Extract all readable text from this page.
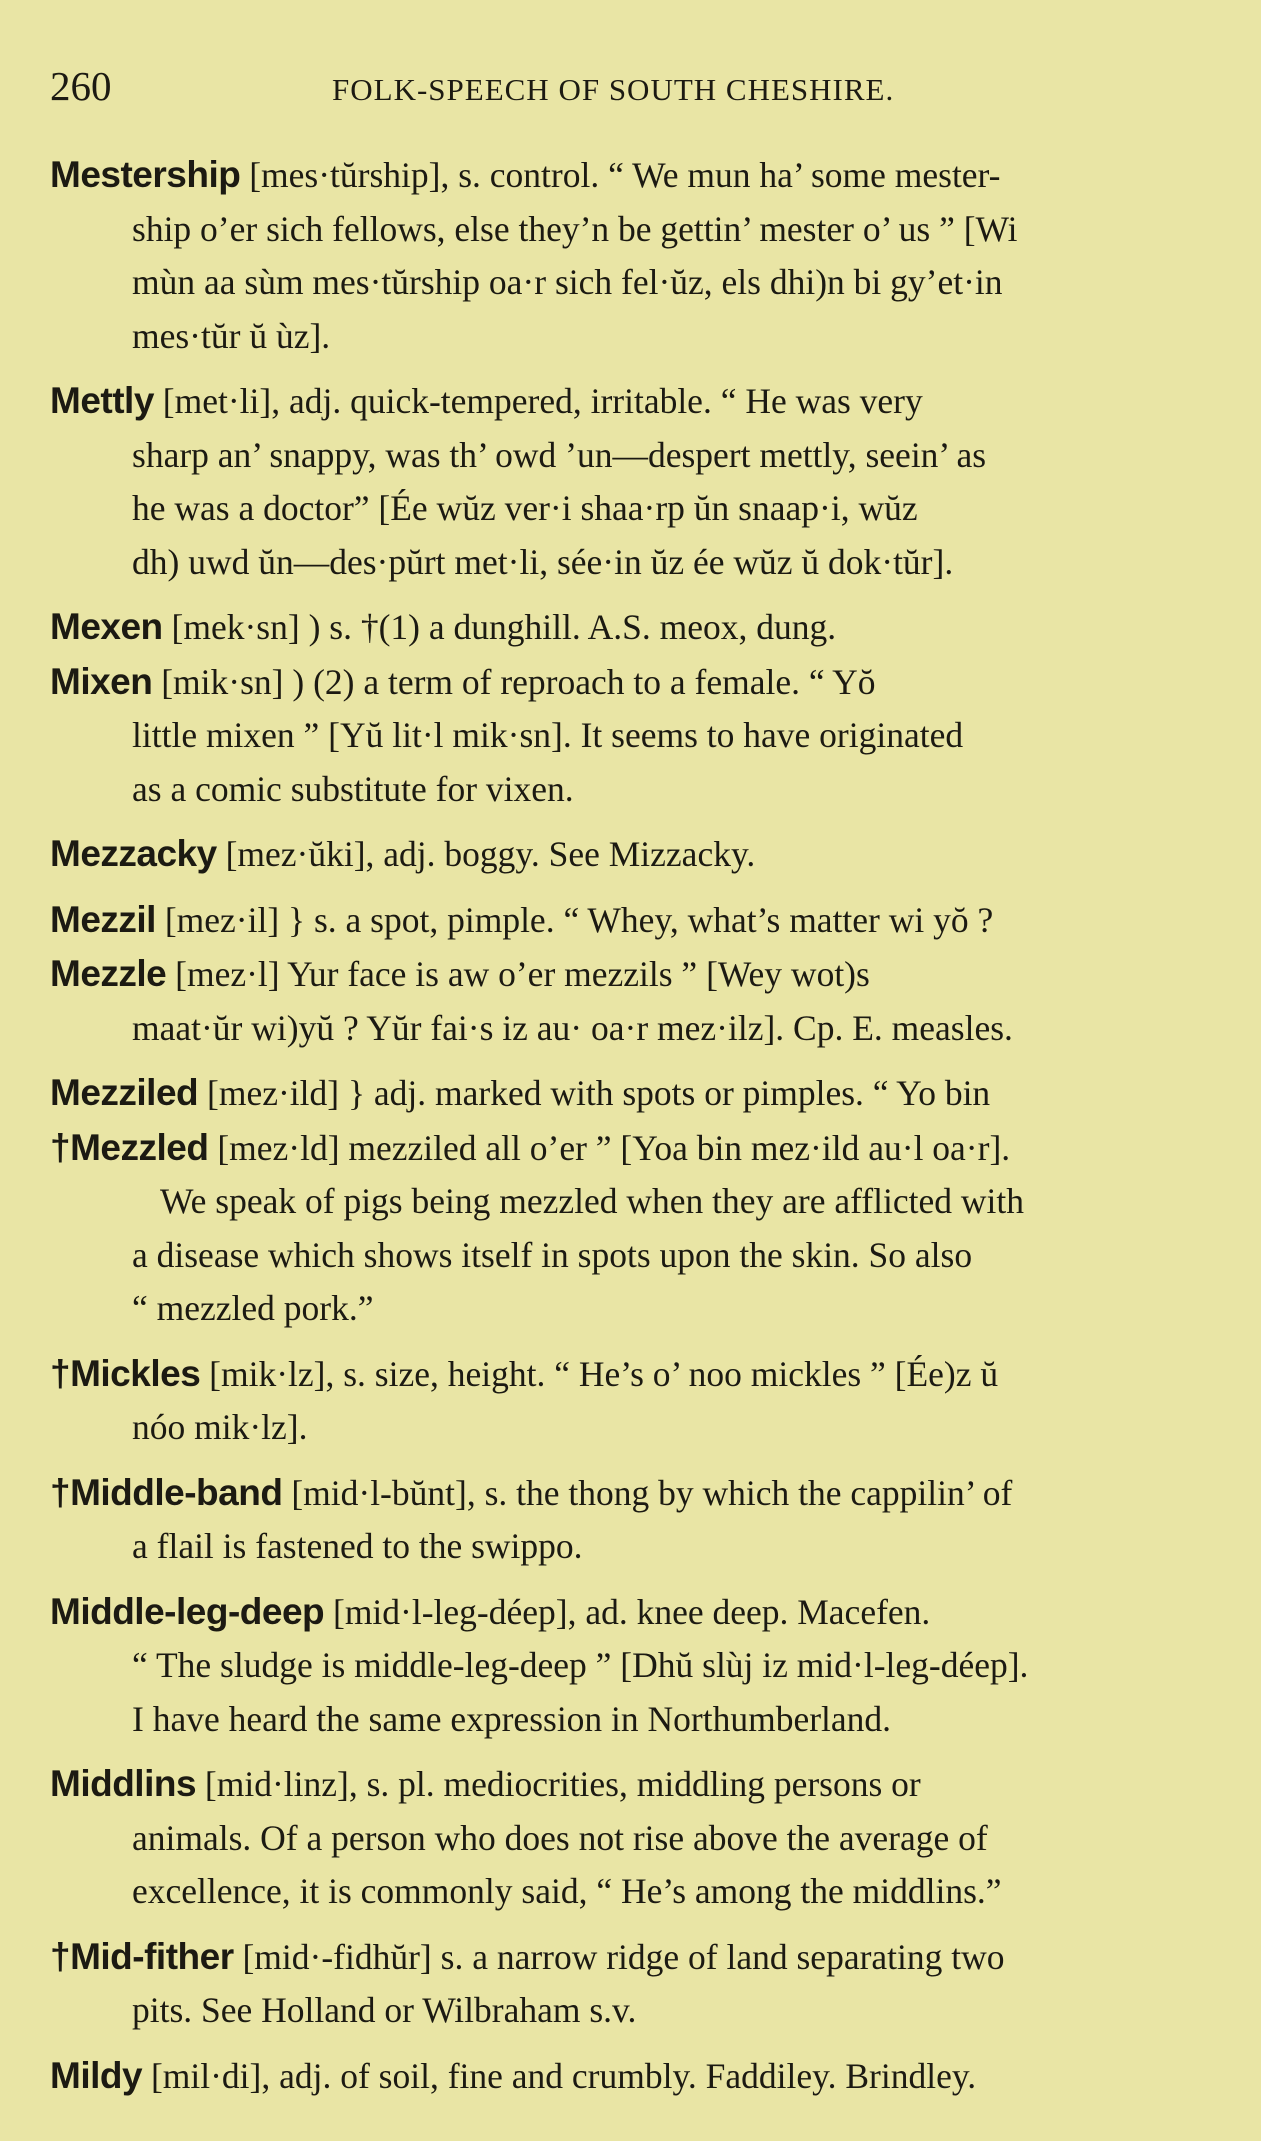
260	FOLK-SPEECH OF SOUTH CHESHIRE.
Mestership [mes·tŭrship], s. control. “ We mun ha’ some mester-
ship o’er sich fellows, else they’n be gettin’ mester o’ us ” [Wi
mùn aa sùm mes·tŭrship oa·r sich fel·ŭz, els dhi)n bi gy’et·in
mes·tŭr ŭ ùz].
Mettly [met·li], adj. quick-tempered, irritable. “ He was very
sharp an’ snappy, was th’ owd ’un—despert mettly, seein’ as
he was a doctor” [Ée wŭz ver·i shaa·rp ŭn snaap·i, wŭz
dh) uwd ŭn—des·pŭrt met·li, sée·in ŭz ée wŭz ŭ dok·tŭr].
Mexen [mek·sn] ) s. †(1) a dunghill. A.S. meox, dung.
Mixen [mik·sn] ) (2) a term of reproach to a female. “ Yŏ
little mixen ” [Yŭ lit·l mik·sn]. It seems to have originated
as a comic substitute for vixen.
Mezzacky [mez·ŭki], adj. boggy. See Mizzacky.
Mezzil [mez·il] } s. a spot, pimple. “ Whey, what’s matter wi yŏ ?
Mezzle [mez·l] Yur face is aw o’er mezzils ” [Wey wot)s
maat·ŭr wi)yŭ ? Yŭr fai·s iz au· oa·r mez·ilz]. Cp. E. measles.
Mezziled [mez·ild] } adj. marked with spots or pimples. “ Yo bin
†Mezzled [mez·ld] mezziled all o’er ” [Yoa bin mez·ild au·l oa·r].
We speak of pigs being mezzled when they are afflicted with
a disease which shows itself in spots upon the skin. So also
“ mezzled pork.”
†Mickles [mik·lz], s. size, height. “ He’s o’ noo mickles ” [Ée)z ŭ
nóo mik·lz].
†Middle-band [mid·l-bŭnt], s. the thong by which the cappilin’ of
a flail is fastened to the swippo.
Middle-leg-deep [mid·l-leg-déep], ad. knee deep. Macefen.
“ The sludge is middle-leg-deep ” [Dhŭ slùj iz mid·l-leg-déep].
I have heard the same expression in Northumberland.
Middlins [mid·linz], s. pl. mediocrities, middling persons or
animals. Of a person who does not rise above the average of
excellence, it is commonly said, “ He’s among the middlins.”
†Mid-fither [mid·-fidhŭr] s. a narrow ridge of land separating two
pits. See Holland or Wilbraham s.v.
Mildy [mil·di], adj. of soil, fine and crumbly. Faddiley. Brindley.
